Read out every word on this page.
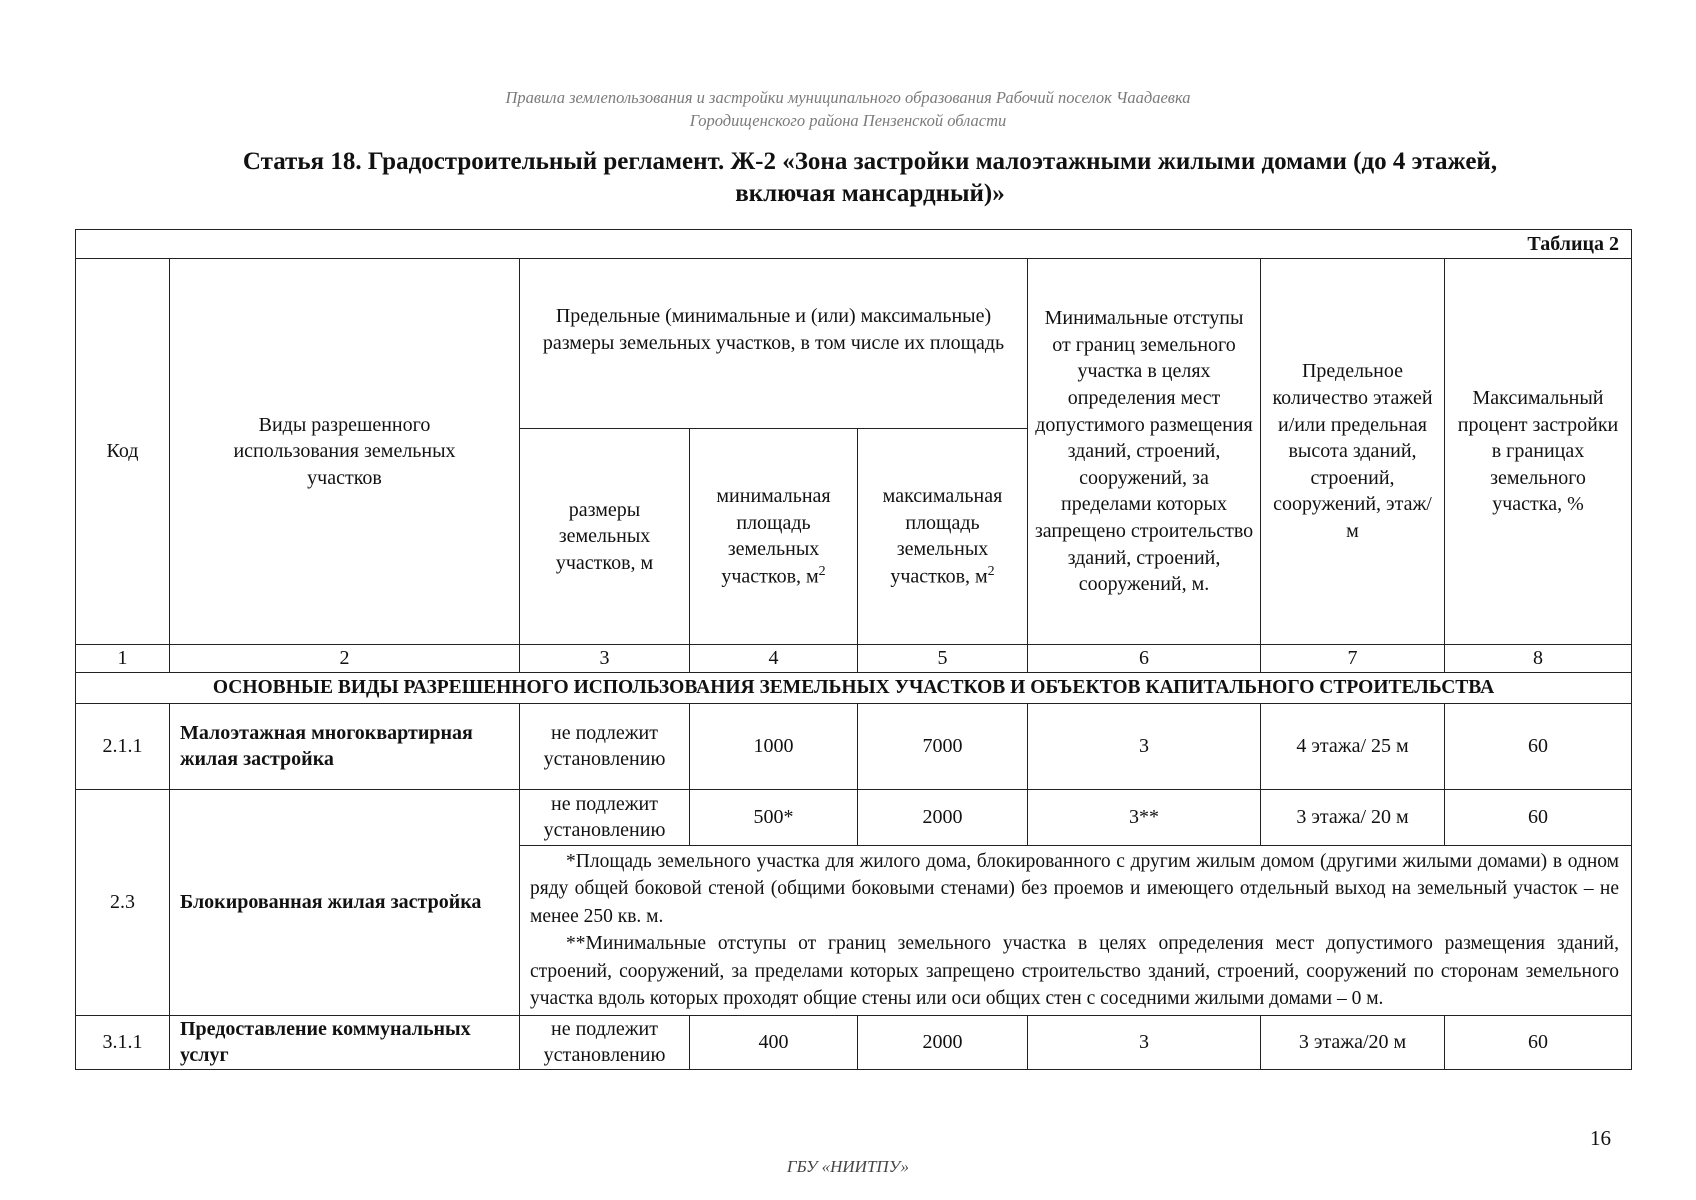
Правила землепользования и застройки муниципального образования Рабочий поселок Чаадаевка
Городищенского района Пензенской области
Статья 18. Градостроительный регламент. Ж-2 «Зона застройки малоэтажными жилыми домами (до 4 этажей,
включая мансардный)»
Таблица 2							
Код	Виды разрешенного использования земельных участков	Предельные (минимальные и (или) максимальные) размеры земельных участков, в том числе их площадь			Минимальные отступы от границ земельного участка в целях определения мест допустимого размещения зданий, строений, сооружений, за пределами которых запрещено строительство зданий, строений, сооружений, м.	Предельное количество этажей и/или предельная высота зданий, строений, сооружений, этаж/м	Максимальный процент застройки в границах земельного участка, %
		размеры земельных участков, м	минимальная площадь земельных участков, $м^2$	максимальная площадь земельных участков, $м^2$
1	2	3	4	5	6	7	8
ОСНОВНЫЕ ВИДЫ РАЗРЕШЕННОГО ИСПОЛЬЗОВАНИЯ ЗЕМЕЛЬНЫХ УЧАСТКОВ И ОБЪЕКТОВ КАПИТАЛЬНОГО СТРОИТЕЛЬСТВА							
2.1.1	Малоэтажная многоквартирная жилая застройка	не подлежит установлению	1000	7000	3	4 этажа/ 25 м	60
2.3	Блокированная жилая застройка	не подлежит установлению	500*	2000	3**	3 этажа/ 20 м	60

		*Площадь земельного участка для жилого дома, блокированного с другим жилым домом (другими жилыми домами) в одном ряду общей боковой стеной (общими боковыми стенами) без проемов и имеющего отдельный выход на земельный участок – не менее 250 кв. м.

**Минимальные отступы от границ земельного участка в целях определения мест допустимого размещения зданий, строений, сооружений, за пределами которых запрещено строительство зданий, строений, сооружений по сторонам земельного участка вдоль которых проходят общие стены или оси общих стен с соседними жилыми домами – 0 м.					

3.1.1	Предоставление коммунальных услуг	не подлежит установлению	400	2000	3	3 этажа/20 м	60
16
ГБУ «НИИТПУ»
